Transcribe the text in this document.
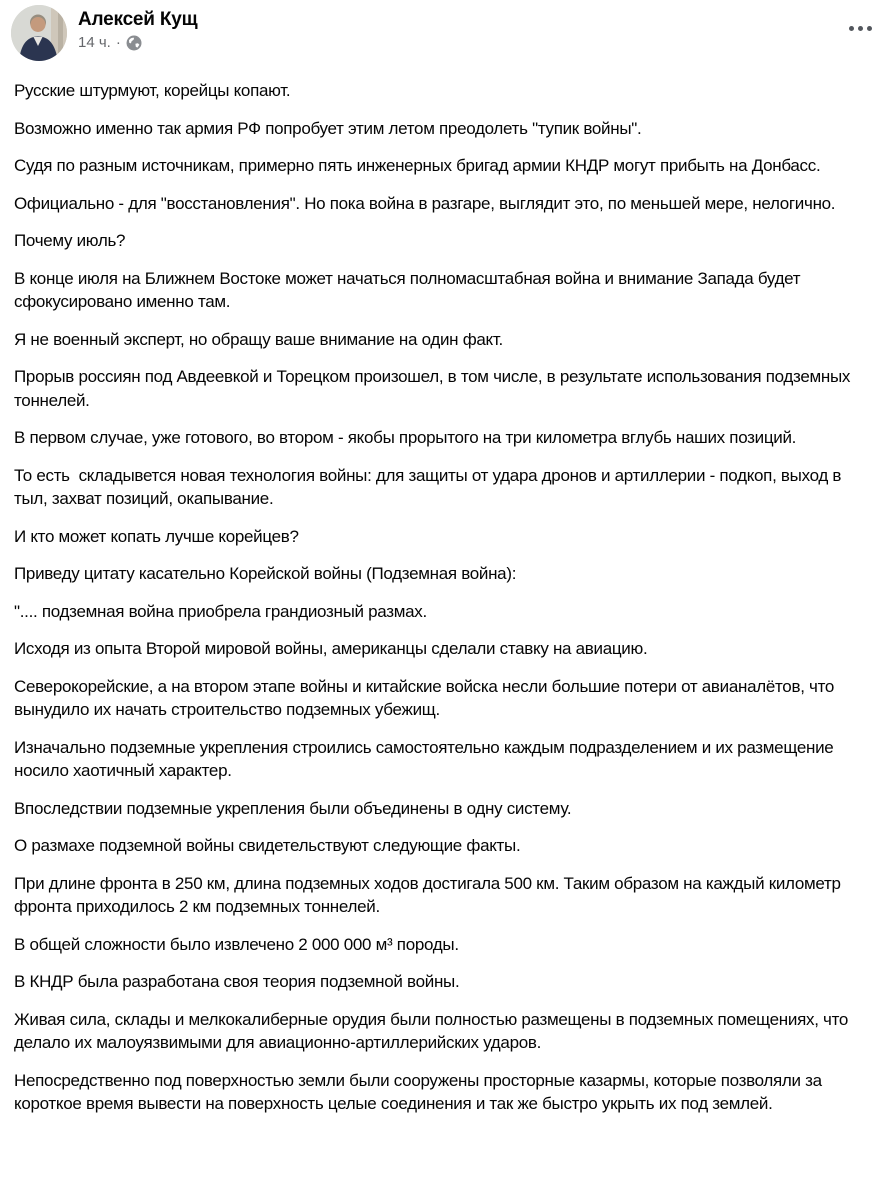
Алексей Кущ
14 ч. ·

Русские штурмуют, корейцы копают.

Возможно именно так армия РФ попробует этим летом преодолеть "тупик войны".

Судя по разным источникам, примерно пять инженерных бригад армии КНДР могут прибыть на Донбасс.

Официально - для "восстановления". Но пока война в разгаре, выглядит это, по меньшей мере, нелогично.

Почему июль?

В конце июля на Ближнем Востоке может начаться полномасштабная война и внимание Запада будет сфокусировано именно там.

Я не военный эксперт, но обращу ваше внимание на один факт.

Прорыв россиян под Авдеевкой и Торецком произошел, в том числе, в результате использования подземных тоннелей.

В первом случае, уже готового, во втором - якобы прорытого на три километра вглубь наших позиций.

То есть  складывется новая технология войны: для защиты от удара дронов и артиллерии - подкоп, выход в тыл, захват позиций, окапывание.

И кто может копать лучше корейцев?

Приведу цитату касательно Корейской войны (Подземная война):

".... подземная война приобрела грандиозный размах.

Исходя из опыта Второй мировой войны, американцы сделали ставку на авиацию.

Северокорейские, а на втором этапе войны и китайские войска несли большие потери от авианалётов, что вынудило их начать строительство подземных убежищ.

Изначально подземные укрепления строились самостоятельно каждым подразделением и их размещение носило хаотичный характер.

Впоследствии подземные укрепления были объединены в одну систему.

О размахе подземной войны свидетельствуют следующие факты.

При длине фронта в 250 км, длина подземных ходов достигала 500 км. Таким образом на каждый километр фронта приходилось 2 км подземных тоннелей.

В общей сложности было извлечено 2 000 000 м³ породы.

В КНДР была разработана своя теория подземной войны.

Живая сила, склады и мелкокалиберные орудия были полностью размещены в подземных помещениях, что делало их малоуязвимыми для авиационно-артиллерийских ударов.

Непосредственно под поверхностью земли были сооружены просторные казармы, которые позволяли за короткое время вывести на поверхность целые соединения и так же быстро укрыть их под землей.
